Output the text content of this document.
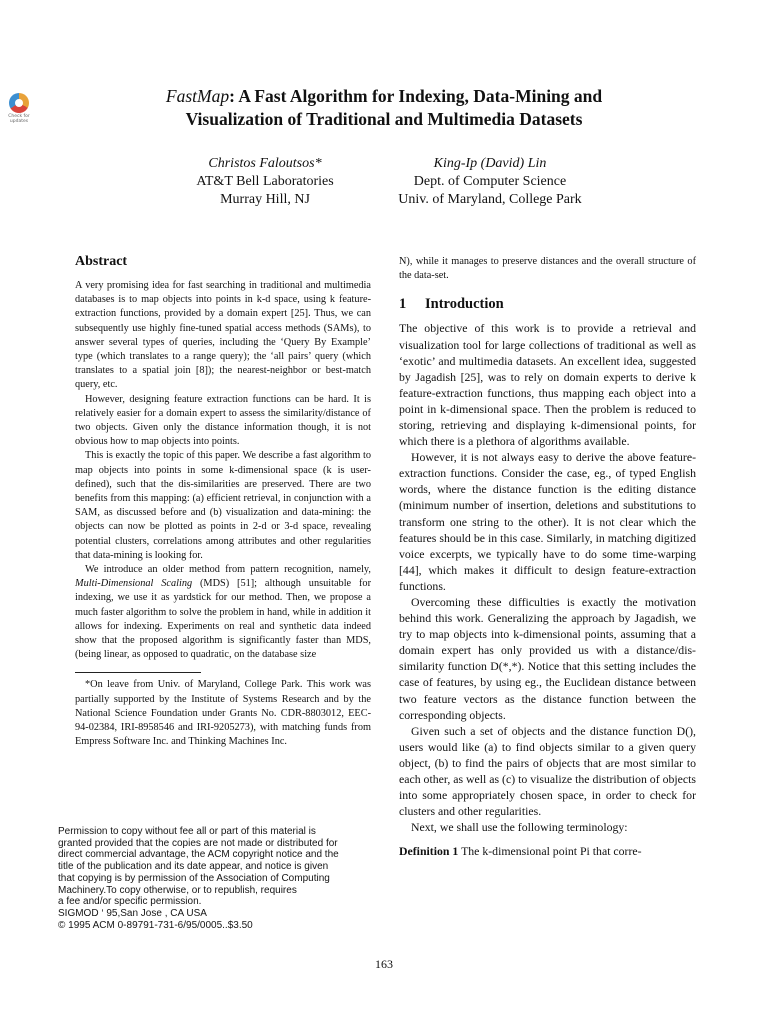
Check for
updates
FastMap: A Fast Algorithm for Indexing, Data-Mining and
Visualization of Traditional and Multimedia Datasets
Christos Faloutsos*
AT&T Bell Laboratories
Murray Hill, NJ
King-Ip (David) Lin
Dept. of Computer Science
Univ. of Maryland, College Park
Abstract

A very promising idea for fast searching in traditional and multimedia databases is to map objects into points in k-d space, using k feature-extraction functions, provided by a domain expert [25]. Thus, we can subsequently use highly fine-tuned spatial access methods (SAMs), to answer several types of queries, including the ‘Query By Example’ type (which translates to a range query); the ‘all pairs’ query (which translates to a spatial join [8]); the nearest-neighbor or best-match query, etc.

However, designing feature extraction functions can be hard. It is relatively easier for a domain expert to assess the similarity/distance of two objects. Given only the distance information though, it is not obvious how to map objects into points.

This is exactly the topic of this paper. We describe a fast algorithm to map objects into points in some k-dimensional space (k is user-defined), such that the dis-similarities are preserved. There are two benefits from this mapping: (a) efficient retrieval, in conjunction with a SAM, as discussed before and (b) visualization and data-mining: the objects can now be plotted as points in 2-d or 3-d space, revealing potential clusters, correlations among attributes and other regularities that data-mining is looking for.

We introduce an older method from pattern recognition, namely, Multi-Dimensional Scaling (MDS) [51]; although unsuitable for indexing, we use it as yardstick for our method. Then, we propose a much faster algorithm to solve the problem in hand, while in addition it allows for indexing. Experiments on real and synthetic data indeed show that the proposed algorithm is significantly faster than MDS, (being linear, as opposed to quadratic, on the database size

*On leave from Univ. of Maryland, College Park. This work was partially supported by the Institute of Systems Research and by the National Science Foundation under Grants No. CDR-8803012, EEC-94-02384, IRI-8958546 and IRI-9205273), with matching funds from Empress Software Inc. and Thinking Machines Inc.

Permission to copy without fee all or part of this material is
granted provided that the copies are not made or distributed for
direct commercial advantage, the ACM copyright notice and the
title of the publication and its date appear, and notice is given
that copying is by permission of the Association of Computing
Machinery.To copy otherwise, or to republish, requires
a fee and/or specific permission.
SIGMOD ‘ 95,San Jose , CA USA
© 1995 ACM 0-89791-731-6/95/0005..$3.50

N), while it manages to preserve distances and the overall structure of the data-set.

1	Introduction

The objective of this work is to provide a retrieval and visualization tool for large collections of traditional as well as ‘exotic’ and multimedia datasets. An excellent idea, suggested by Jagadish [25], was to rely on domain experts to derive k feature-extraction functions, thus mapping each object into a point in k-dimensional space. Then the problem is reduced to storing, retrieving and displaying k-dimensional points, for which there is a plethora of algorithms available.

However, it is not always easy to derive the above feature-extraction functions. Consider the case, eg., of typed English words, where the distance function is the editing distance (minimum number of insertion, deletions and substitutions to transform one string to the other). It is not clear which the features should be in this case. Similarly, in matching digitized voice excerpts, we typically have to do some time-warping [44], which makes it difficult to design feature-extraction functions.

Overcoming these difficulties is exactly the motivation behind this work. Generalizing the approach by Jagadish, we try to map objects into k-dimensional points, assuming that a domain expert has only provided us with a distance/dis-similarity function D(*,*). Notice that this setting includes the case of features, by using eg., the Euclidean distance between two feature vectors as the distance function between the corresponding objects.

Given such a set of objects and the distance function D(), users would like (a) to find objects similar to a given query object, (b) to find the pairs of objects that are most similar to each other, as well as (c) to visualize the distribution of objects into some appropriately chosen space, in order to check for clusters and other regularities.

Next, we shall use the following terminology:

Definition 1 The k-dimensional point Pi that corre-
163
